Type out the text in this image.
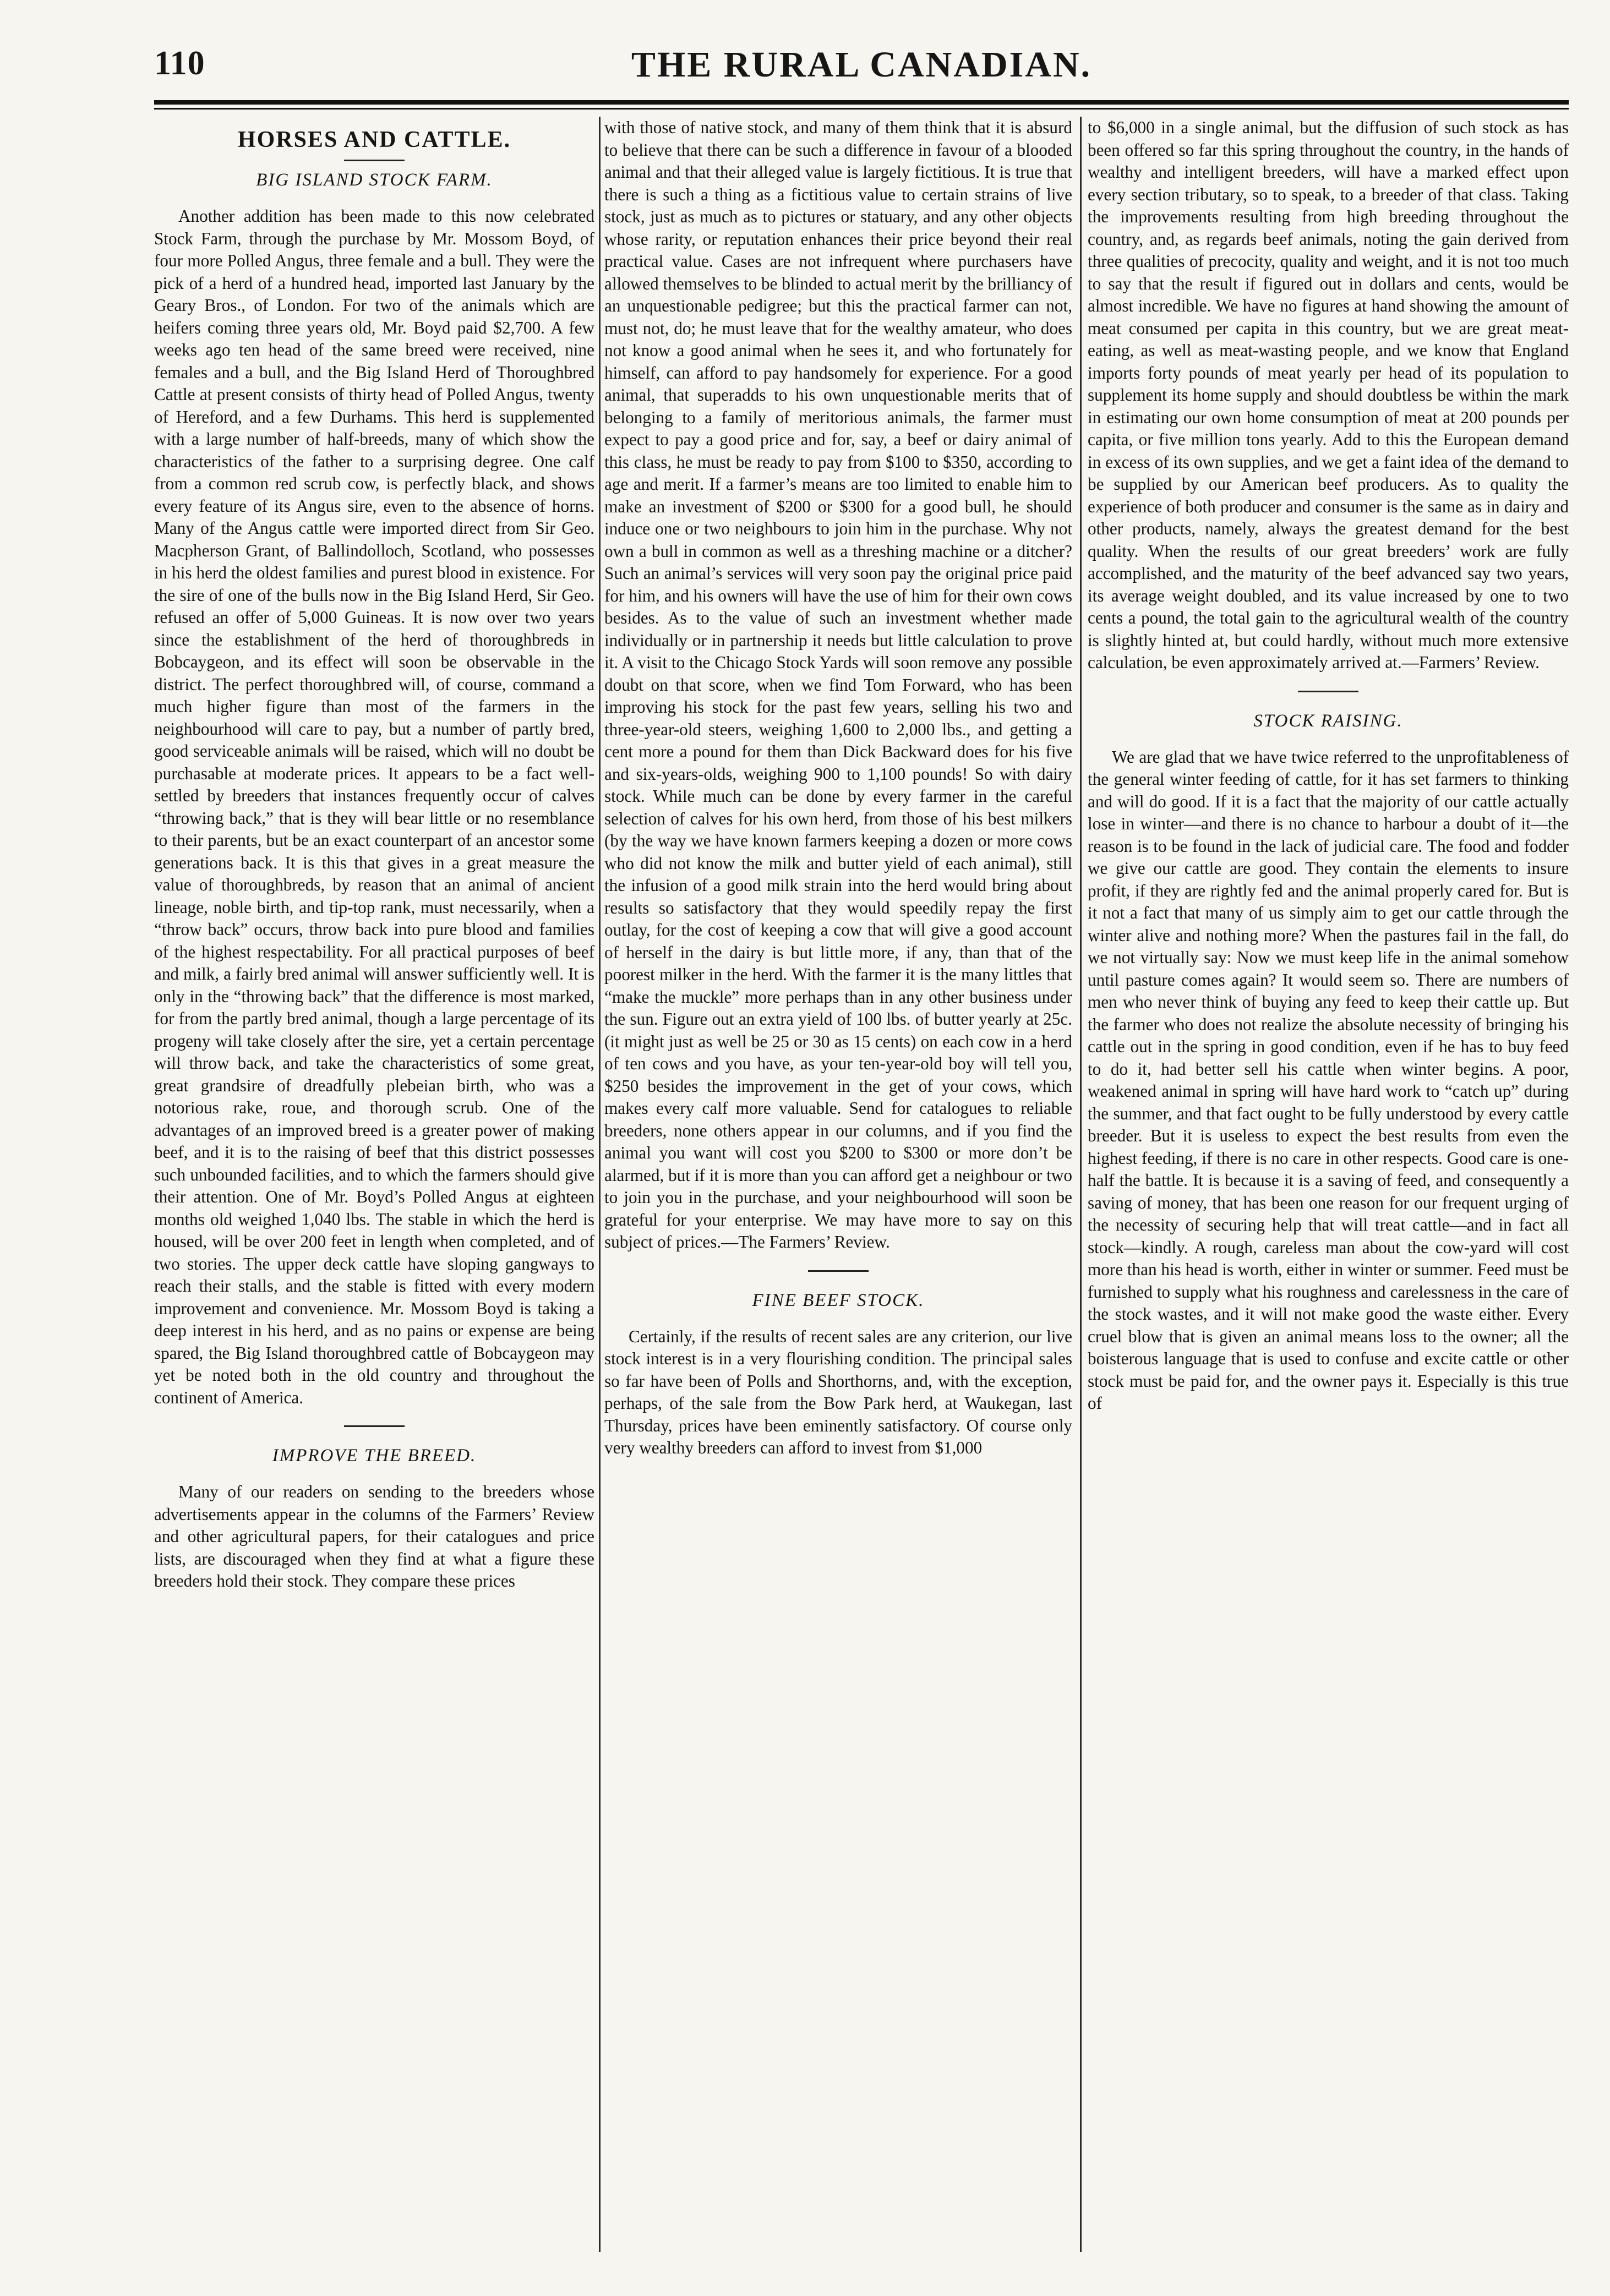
110	THE RURAL CANADIAN.
HORSES AND CATTLE.
BIG ISLAND STOCK FARM.

Another addition has been made to this now celebrated Stock Farm, through the purchase by Mr. Mossom Boyd, of four more Polled Angus, three female and a bull. They were the pick of a herd of a hundred head, imported last January by the Geary Bros., of London. For two of the animals which are heifers coming three years old, Mr. Boyd paid $2,700. A few weeks ago ten head of the same breed were received, nine females and a bull, and the Big Island Herd of Thoroughbred Cattle at present consists of thirty head of Polled Angus, twenty of Hereford, and a few Durhams. This herd is supplemented with a large number of half-breeds, many of which show the characteristics of the father to a surprising degree. One calf from a common red scrub cow, is perfectly black, and shows every feature of its Angus sire, even to the absence of horns. Many of the Angus cattle were imported direct from Sir Geo. Macpherson Grant, of Ballindolloch, Scotland, who possesses in his herd the oldest families and purest blood in existence. For the sire of one of the bulls now in the Big Island Herd, Sir Geo. refused an offer of 5,000 Guineas. It is now over two years since the establishment of the herd of thoroughbreds in Bobcaygeon, and its effect will soon be observable in the district. The perfect thoroughbred will, of course, command a much higher figure than most of the farmers in the neighbourhood will care to pay, but a number of partly bred, good serviceable animals will be raised, which will no doubt be purchasable at moderate prices. It appears to be a fact well-settled by breeders that instances frequently occur of calves “throwing back,” that is they will bear little or no resemblance to their parents, but be an exact counterpart of an ancestor some generations back. It is this that gives in a great measure the value of thoroughbreds, by reason that an animal of ancient lineage, noble birth, and tip-top rank, must necessarily, when a “throw back” occurs, throw back into pure blood and families of the highest respectability. For all practical purposes of beef and milk, a fairly bred animal will answer sufficiently well. It is only in the “throwing back” that the difference is most marked, for from the partly bred animal, though a large percentage of its progeny will take closely after the sire, yet a certain percentage will throw back, and take the characteristics of some great, great grandsire of dreadfully plebeian birth, who was a notorious rake, roue, and thorough scrub. One of the advantages of an improved breed is a greater power of making beef, and it is to the raising of beef that this district possesses such unbounded facilities, and to which the farmers should give their attention. One of Mr. Boyd’s Polled Angus at eighteen months old weighed 1,040 lbs. The stable in which the herd is housed, will be over 200 feet in length when completed, and of two stories. The upper deck cattle have sloping gangways to reach their stalls, and the stable is fitted with every modern improvement and convenience. Mr. Mossom Boyd is taking a deep interest in his herd, and as no pains or expense are being spared, the Big Island thoroughbred cattle of Bobcaygeon may yet be noted both in the old country and throughout the continent of America.

IMPROVE THE BREED.

Many of our readers on sending to the breeders whose advertisements appear in the columns of the Farmers’ Review and other agricultural papers, for their catalogues and price lists, are discouraged when they find at what a figure these breeders hold their stock. They compare these prices

with those of native stock, and many of them think that it is absurd to believe that there can be such a difference in favour of a blooded animal and that their alleged value is largely fictitious. It is true that there is such a thing as a fictitious value to certain strains of live stock, just as much as to pictures or statuary, and any other objects whose rarity, or reputation enhances their price beyond their real practical value. Cases are not infrequent where purchasers have allowed themselves to be blinded to actual merit by the brilliancy of an unquestionable pedigree; but this the practical farmer can not, must not, do; he must leave that for the wealthy amateur, who does not know a good animal when he sees it, and who fortunately for himself, can afford to pay handsomely for experience. For a good animal, that superadds to his own unquestionable merits that of belonging to a family of meritorious animals, the farmer must expect to pay a good price and for, say, a beef or dairy animal of this class, he must be ready to pay from $100 to $350, according to age and merit. If a farmer’s means are too limited to enable him to make an investment of $200 or $300 for a good bull, he should induce one or two neighbours to join him in the purchase. Why not own a bull in common as well as a threshing machine or a ditcher? Such an animal’s services will very soon pay the original price paid for him, and his owners will have the use of him for their own cows besides. As to the value of such an investment whether made individually or in partnership it needs but little calculation to prove it. A visit to the Chicago Stock Yards will soon remove any possible doubt on that score, when we find Tom Forward, who has been improving his stock for the past few years, selling his two and three-year-old steers, weighing 1,600 to 2,000 lbs., and getting a cent more a pound for them than Dick Backward does for his five and six-years-olds, weighing 900 to 1,100 pounds! So with dairy stock. While much can be done by every farmer in the careful selection of calves for his own herd, from those of his best milkers (by the way we have known farmers keeping a dozen or more cows who did not know the milk and butter yield of each animal), still the infusion of a good milk strain into the herd would bring about results so satisfactory that they would speedily repay the first outlay, for the cost of keeping a cow that will give a good account of herself in the dairy is but little more, if any, than that of the poorest milker in the herd. With the farmer it is the many littles that “make the muckle” more perhaps than in any other business under the sun. Figure out an extra yield of 100 lbs. of butter yearly at 25c. (it might just as well be 25 or 30 as 15 cents) on each cow in a herd of ten cows and you have, as your ten-year-old boy will tell you, $250 besides the improvement in the get of your cows, which makes every calf more valuable. Send for catalogues to reliable breeders, none others appear in our columns, and if you find the animal you want will cost you $200 to $300 or more don’t be alarmed, but if it is more than you can afford get a neighbour or two to join you in the purchase, and your neighbourhood will soon be grateful for your enterprise. We may have more to say on this subject of prices.—The Farmers’ Review.

FINE BEEF STOCK.

Certainly, if the results of recent sales are any criterion, our live stock interest is in a very flourishing condition. The principal sales so far have been of Polls and Shorthorns, and, with the exception, perhaps, of the sale from the Bow Park herd, at Waukegan, last Thursday, prices have been eminently satisfactory. Of course only very wealthy breeders can afford to invest from $1,000

to $6,000 in a single animal, but the diffusion of such stock as has been offered so far this spring throughout the country, in the hands of wealthy and intelligent breeders, will have a marked effect upon every section tributary, so to speak, to a breeder of that class. Taking the improvements resulting from high breeding throughout the country, and, as regards beef animals, noting the gain derived from three qualities of precocity, quality and weight, and it is not too much to say that the result if figured out in dollars and cents, would be almost incredible. We have no figures at hand showing the amount of meat consumed per capita in this country, but we are great meat-eating, as well as meat-wasting people, and we know that England imports forty pounds of meat yearly per head of its population to supplement its home supply and should doubtless be within the mark in estimating our own home consumption of meat at 200 pounds per capita, or five million tons yearly. Add to this the European demand in excess of its own supplies, and we get a faint idea of the demand to be supplied by our American beef producers. As to quality the experience of both producer and consumer is the same as in dairy and other products, namely, always the greatest demand for the best quality. When the results of our great breeders’ work are fully accomplished, and the maturity of the beef advanced say two years, its average weight doubled, and its value increased by one to two cents a pound, the total gain to the agricultural wealth of the country is slightly hinted at, but could hardly, without much more extensive calculation, be even approximately arrived at.—Farmers’ Review.

STOCK RAISING.

We are glad that we have twice referred to the unprofitableness of the general winter feeding of cattle, for it has set farmers to thinking and will do good. If it is a fact that the majority of our cattle actually lose in winter—and there is no chance to harbour a doubt of it—the reason is to be found in the lack of judicial care. The food and fodder we give our cattle are good. They contain the elements to insure profit, if they are rightly fed and the animal properly cared for. But is it not a fact that many of us simply aim to get our cattle through the winter alive and nothing more? When the pastures fail in the fall, do we not virtually say: Now we must keep life in the animal somehow until pasture comes again? It would seem so. There are numbers of men who never think of buying any feed to keep their cattle up. But the farmer who does not realize the absolute necessity of bringing his cattle out in the spring in good condition, even if he has to buy feed to do it, had better sell his cattle when winter begins. A poor, weakened animal in spring will have hard work to “catch up” during the summer, and that fact ought to be fully understood by every cattle breeder. But it is useless to expect the best results from even the highest feeding, if there is no care in other respects. Good care is one-half the battle. It is because it is a saving of feed, and consequently a saving of money, that has been one reason for our frequent urging of the necessity of securing help that will treat cattle—and in fact all stock—kindly. A rough, careless man about the cow-yard will cost more than his head is worth, either in winter or summer. Feed must be furnished to supply what his roughness and carelessness in the care of the stock wastes, and it will not make good the waste either. Every cruel blow that is given an animal means loss to the owner; all the boisterous language that is used to confuse and excite cattle or other stock must be paid for, and the owner pays it. Especially is this true of
